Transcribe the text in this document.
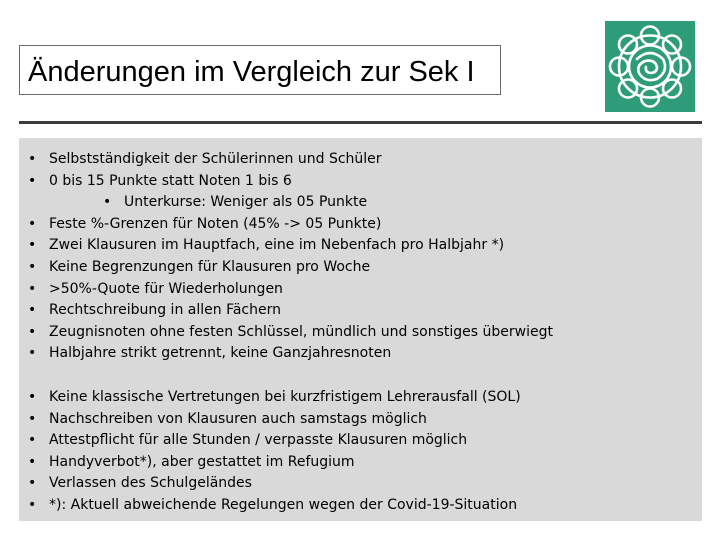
Änderungen im Vergleich zur Sek I
• Selbstständigkeit der Schülerinnen und Schüler
• 0 bis 15 Punkte statt Noten 1 bis 6
• Unterkurse: Weniger als 05 Punkte
• Feste %-Grenzen für Noten (45% -> 05 Punkte)
• Zwei Klausuren im Hauptfach, eine im Nebenfach pro Halbjahr *)
• Keine Begrenzungen für Klausuren pro Woche
• >50%-Quote für Wiederholungen
• Rechtschreibung in allen Fächern
• Zeugnisnoten ohne festen Schlüssel, mündlich und sonstiges überwiegt
• Halbjahre strikt getrennt, keine Ganzjahresnoten
• Keine klassische Vertretungen bei kurzfristigem Lehrerausfall (SOL)
• Nachschreiben von Klausuren auch samstags möglich
• Attestpflicht für alle Stunden / verpasste Klausuren möglich
• Handyverbot*), aber gestattet im Refugium
• Verlassen des Schulgeländes
• *): Aktuell abweichende Regelungen wegen der Covid-19-Situation
